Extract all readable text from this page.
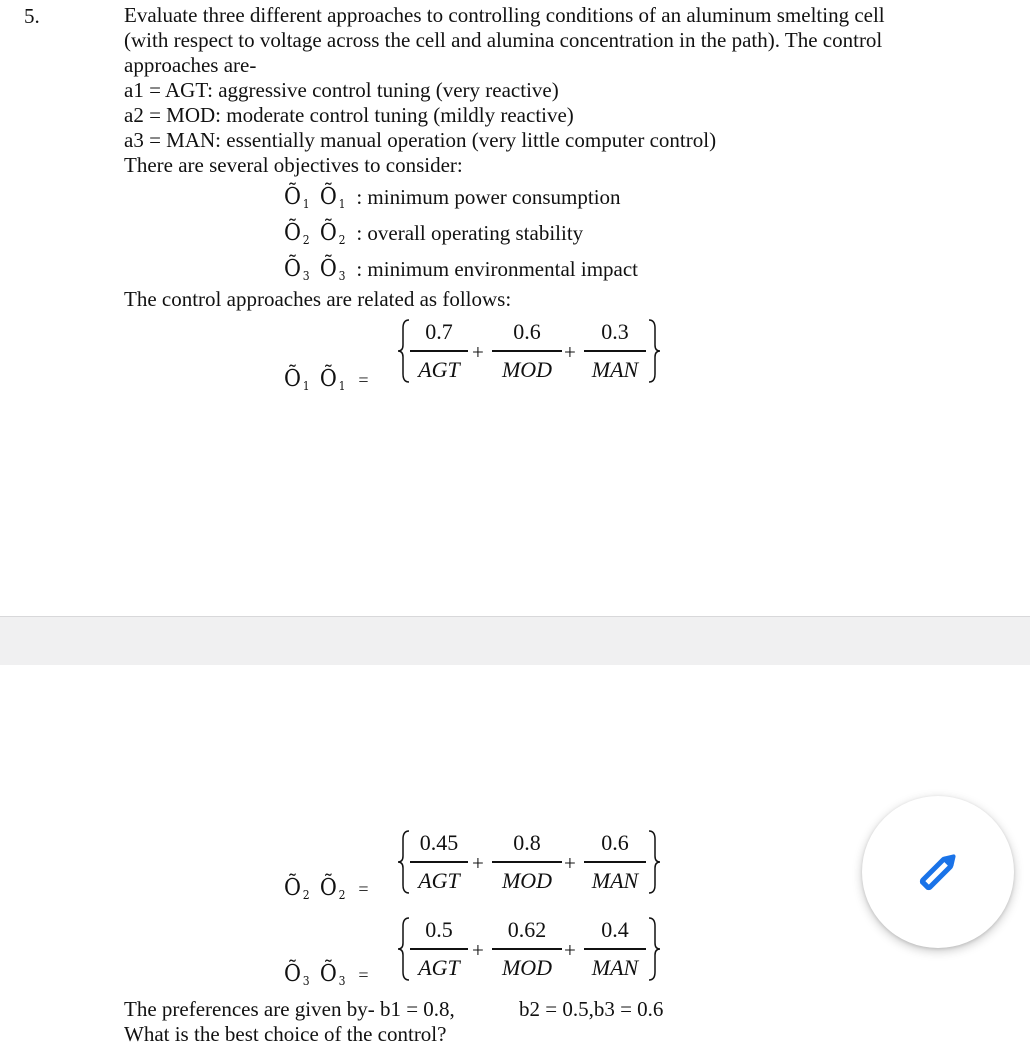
5.	Evaluate three different approaches to controlling conditions of an aluminum smelting cell
(with respect to voltage across the cell and alumina concentration in the path). The control
approaches are-
a1 = AGT: aggressive control tuning (very reactive)
a2 = MOD: moderate control tuning (mildly reactive)
a3 = MAN: essentially manual operation (very little computer control)
There are several objectives to consider:
$Õ_1$ $Õ_1$ : minimum power consumption
$Õ_2$ $Õ_2$ : overall operating stability
$Õ_3$ $Õ_3$ : minimum environmental impact
The control approaches are related as follows:
$Õ_1$ $Õ_1$ =
0.7
AGT
+
0.6
MOD
+
0.3
MAN
$Õ_2$ $Õ_2$ =
0.45
AGT
+
0.8
MOD
+
0.6
MAN
$Õ_3$ $Õ_3$ =
0.5
AGT
+
0.62
MOD
+
0.4
MAN
The preferences are given by- b1 = 0.8,	b2 = 0.5,b3 = 0.6
What is the best choice of the control?
